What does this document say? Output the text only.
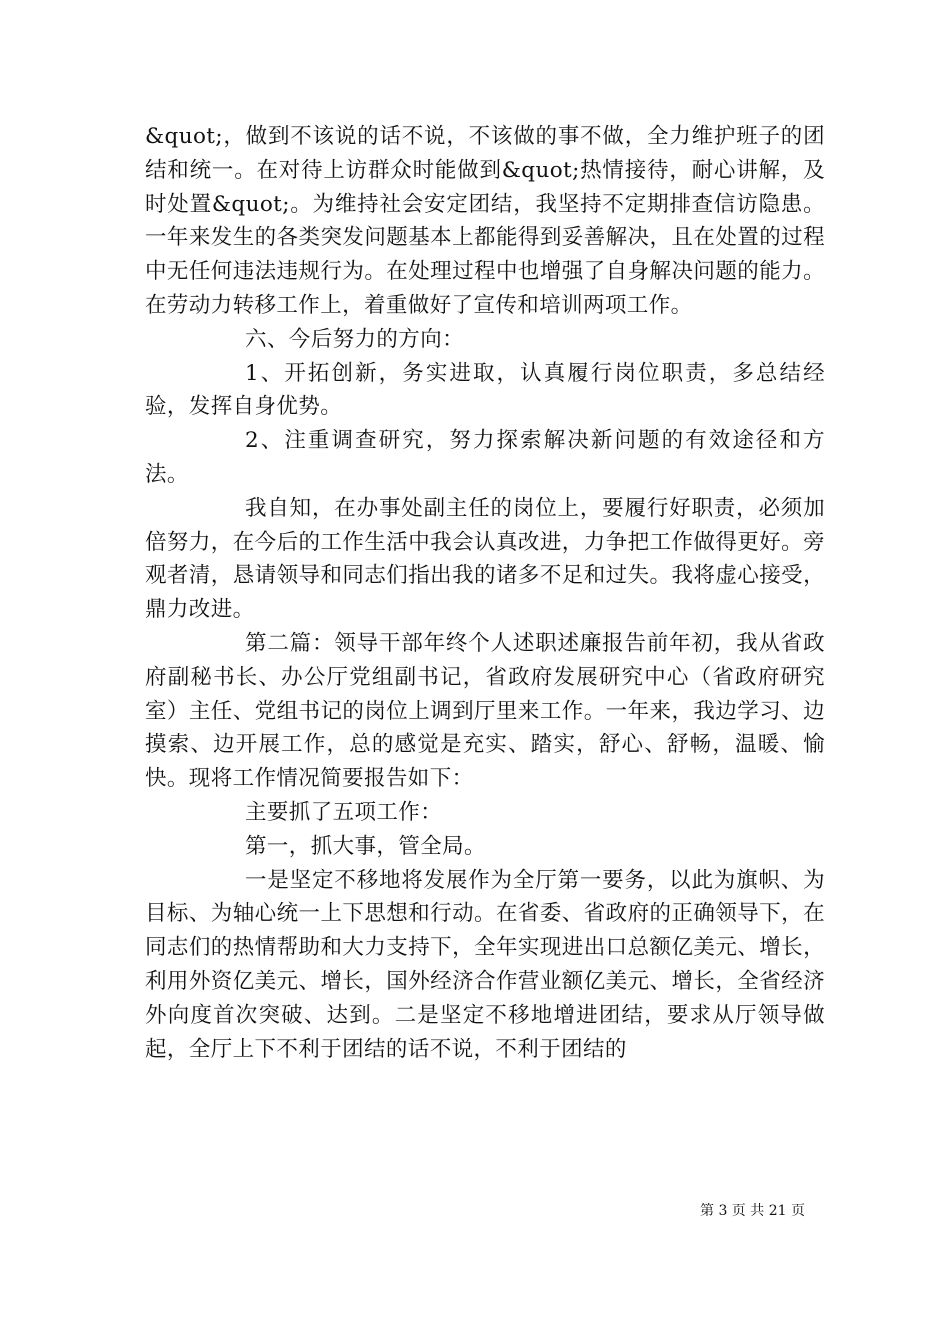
&quot;，做到不该说的话不说，不该做的事不做，全力维护班子的团结和统一。在对待上访群众时能做到&quot;热情接待，耐心讲解，及时处置&quot;。为维持社会安定团结，我坚持不定期排查信访隐患。一年来发生的各类突发问题基本上都能得到妥善解决，且在处置的过程中无任何违法违规行为。在处理过程中也增强了自身解决问题的能力。在劳动力转移工作上，着重做好了宣传和培训两项工作。

六、今后努力的方向：

1、开拓创新，务实进取，认真履行岗位职责，多总结经验，发挥自身优势。

2、注重调查研究，努力探索解决新问题的有效途径和方法。

我自知，在办事处副主任的岗位上，要履行好职责，必须加倍努力，在今后的工作生活中我会认真改进，力争把工作做得更好。旁观者清，恳请领导和同志们指出我的诸多不足和过失。我将虚心接受，鼎力改进。

第二篇：领导干部年终个人述职述廉报告前年初，我从省政府副秘书长、办公厅党组副书记，省政府发展研究中心（省政府研究室）主任、党组书记的岗位上调到厅里来工作。一年来，我边学习、边摸索、边开展工作，总的感觉是充实、踏实，舒心、舒畅，温暖、愉快。现将工作情况简要报告如下：

主要抓了五项工作：

第一，抓大事，管全局。

一是坚定不移地将发展作为全厅第一要务，以此为旗帜、为目标、为轴心统一上下思想和行动。在省委、省政府的正确领导下，在同志们的热情帮助和大力支持下，全年实现进出口总额亿美元、增长，利用外资亿美元、增长，国外经济合作营业额亿美元、增长，全省经济外向度首次突破、达到。二是坚定不移地增进团结，要求从厅领导做起，全厅上下不利于团结的话不说，不利于团结的

第 3 页 共 21 页
